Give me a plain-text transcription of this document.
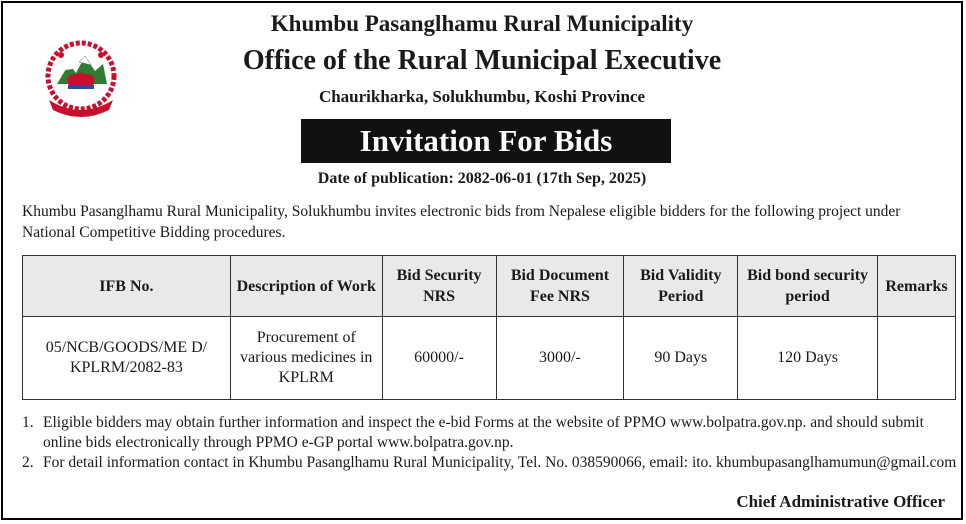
Khumbu Pasanglhamu Rural Municipality
Office of the Rural Municipal Executive
Chaurikharka, Solukhumbu, Koshi Province
Invitation For Bids
Date of publication: 2082-06-01 (17th Sep, 2025)
Khumbu Pasanglhamu Rural Municipality, Solukhumbu invites electronic bids from Nepalese eligible bidders for the following project under National Competitive Bidding procedures.
IFB No.	Description of Work	Bid Security NRS	Bid Document Fee NRS	Bid Validity Period	Bid bond security period	Remarks
05/NCB/GOODS/ME D/ KPLRM/2082-83	Procurement of various medicines in KPLRM	60000/-	3000/-	90 Days	120 Days	
1. Eligible bidders may obtain further information and inspect the e-bid Forms at the website of PPMO www.bolpatra.gov.np. and should submit online bids electronically through PPMO e-GP portal www.bolpatra.gov.np.
2. For detail information contact in Khumbu Pasanglhamu Rural Municipality, Tel. No. 038590066, email: ito. khumbupasanglhamumun@gmail.com
Chief Administrative Officer
